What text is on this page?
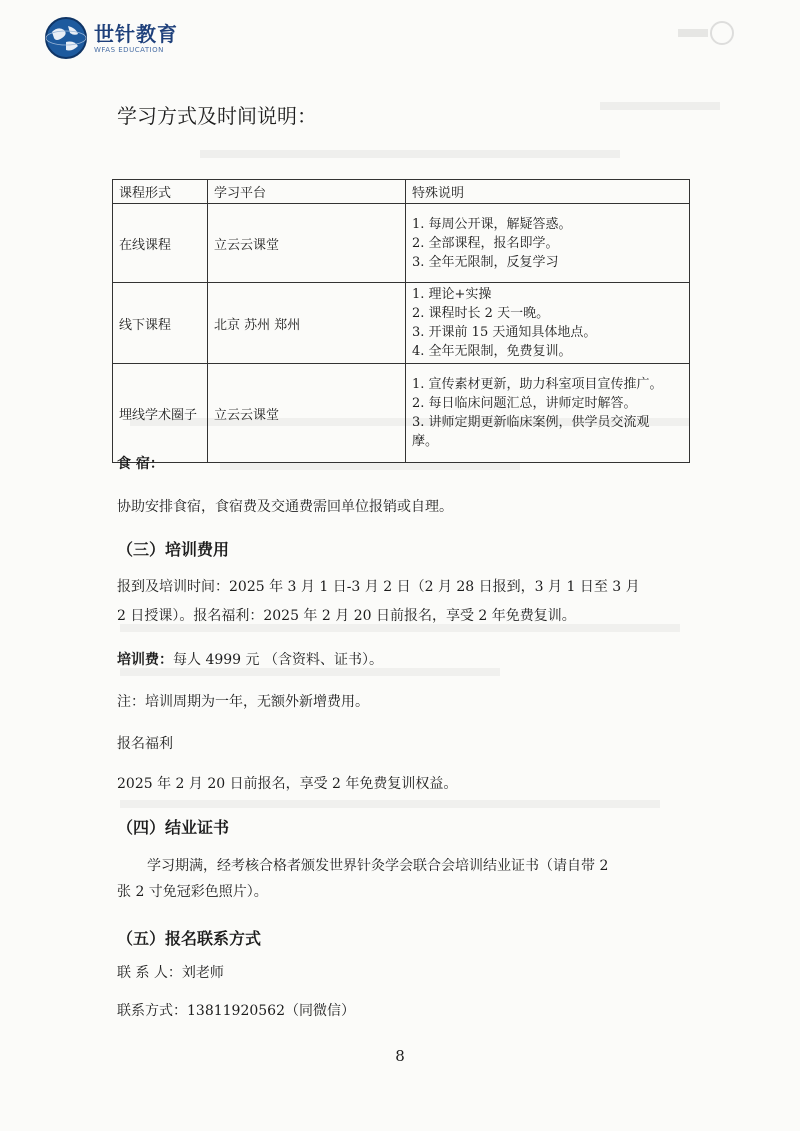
世针教育
WFAS EDUCATION
学习方式及时间说明：
课程形式	学习平台	特殊说明
在线课程	立云云课堂	1. 每周公开课，解疑答惑。
2. 全部课程，报名即学。
3. 全年无限制，反复学习

线下课程	北京 苏州 郑州	1. 理论+实操
2. 课程时长 2 天一晚。
3. 开课前 15 天通知具体地点。
4. 全年无限制，免费复训。

埋线学术圈子	立云云课堂	1. 宣传素材更新，助力科室项目宣传推广。
2. 每日临床问题汇总，讲师定时解答。
3. 讲师定期更新临床案例，供学员交流观
摩。
食 宿：
协助安排食宿，食宿费及交通费需回单位报销或自理。
（三）培训费用
报到及培训时间：2025 年 3 月 1 日-3 月 2 日（2 月 28 日报到，3 月 1 日至 3 月
2 日授课）。报名福利：2025 年 2 月 20 日前报名，享受 2 年免费复训。
培训费：每人 4999 元 （含资料、证书）。
注：培训周期为一年，无额外新增费用。
报名福利
2025 年 2 月 20 日前报名，享受 2 年免费复训权益。
（四）结业证书
学习期满，经考核合格者颁发世界针灸学会联合会培训结业证书（请自带 2
张 2 寸免冠彩色照片）。
（五）报名联系方式
联 系 人：刘老师
联系方式：13811920562（同微信）
8
